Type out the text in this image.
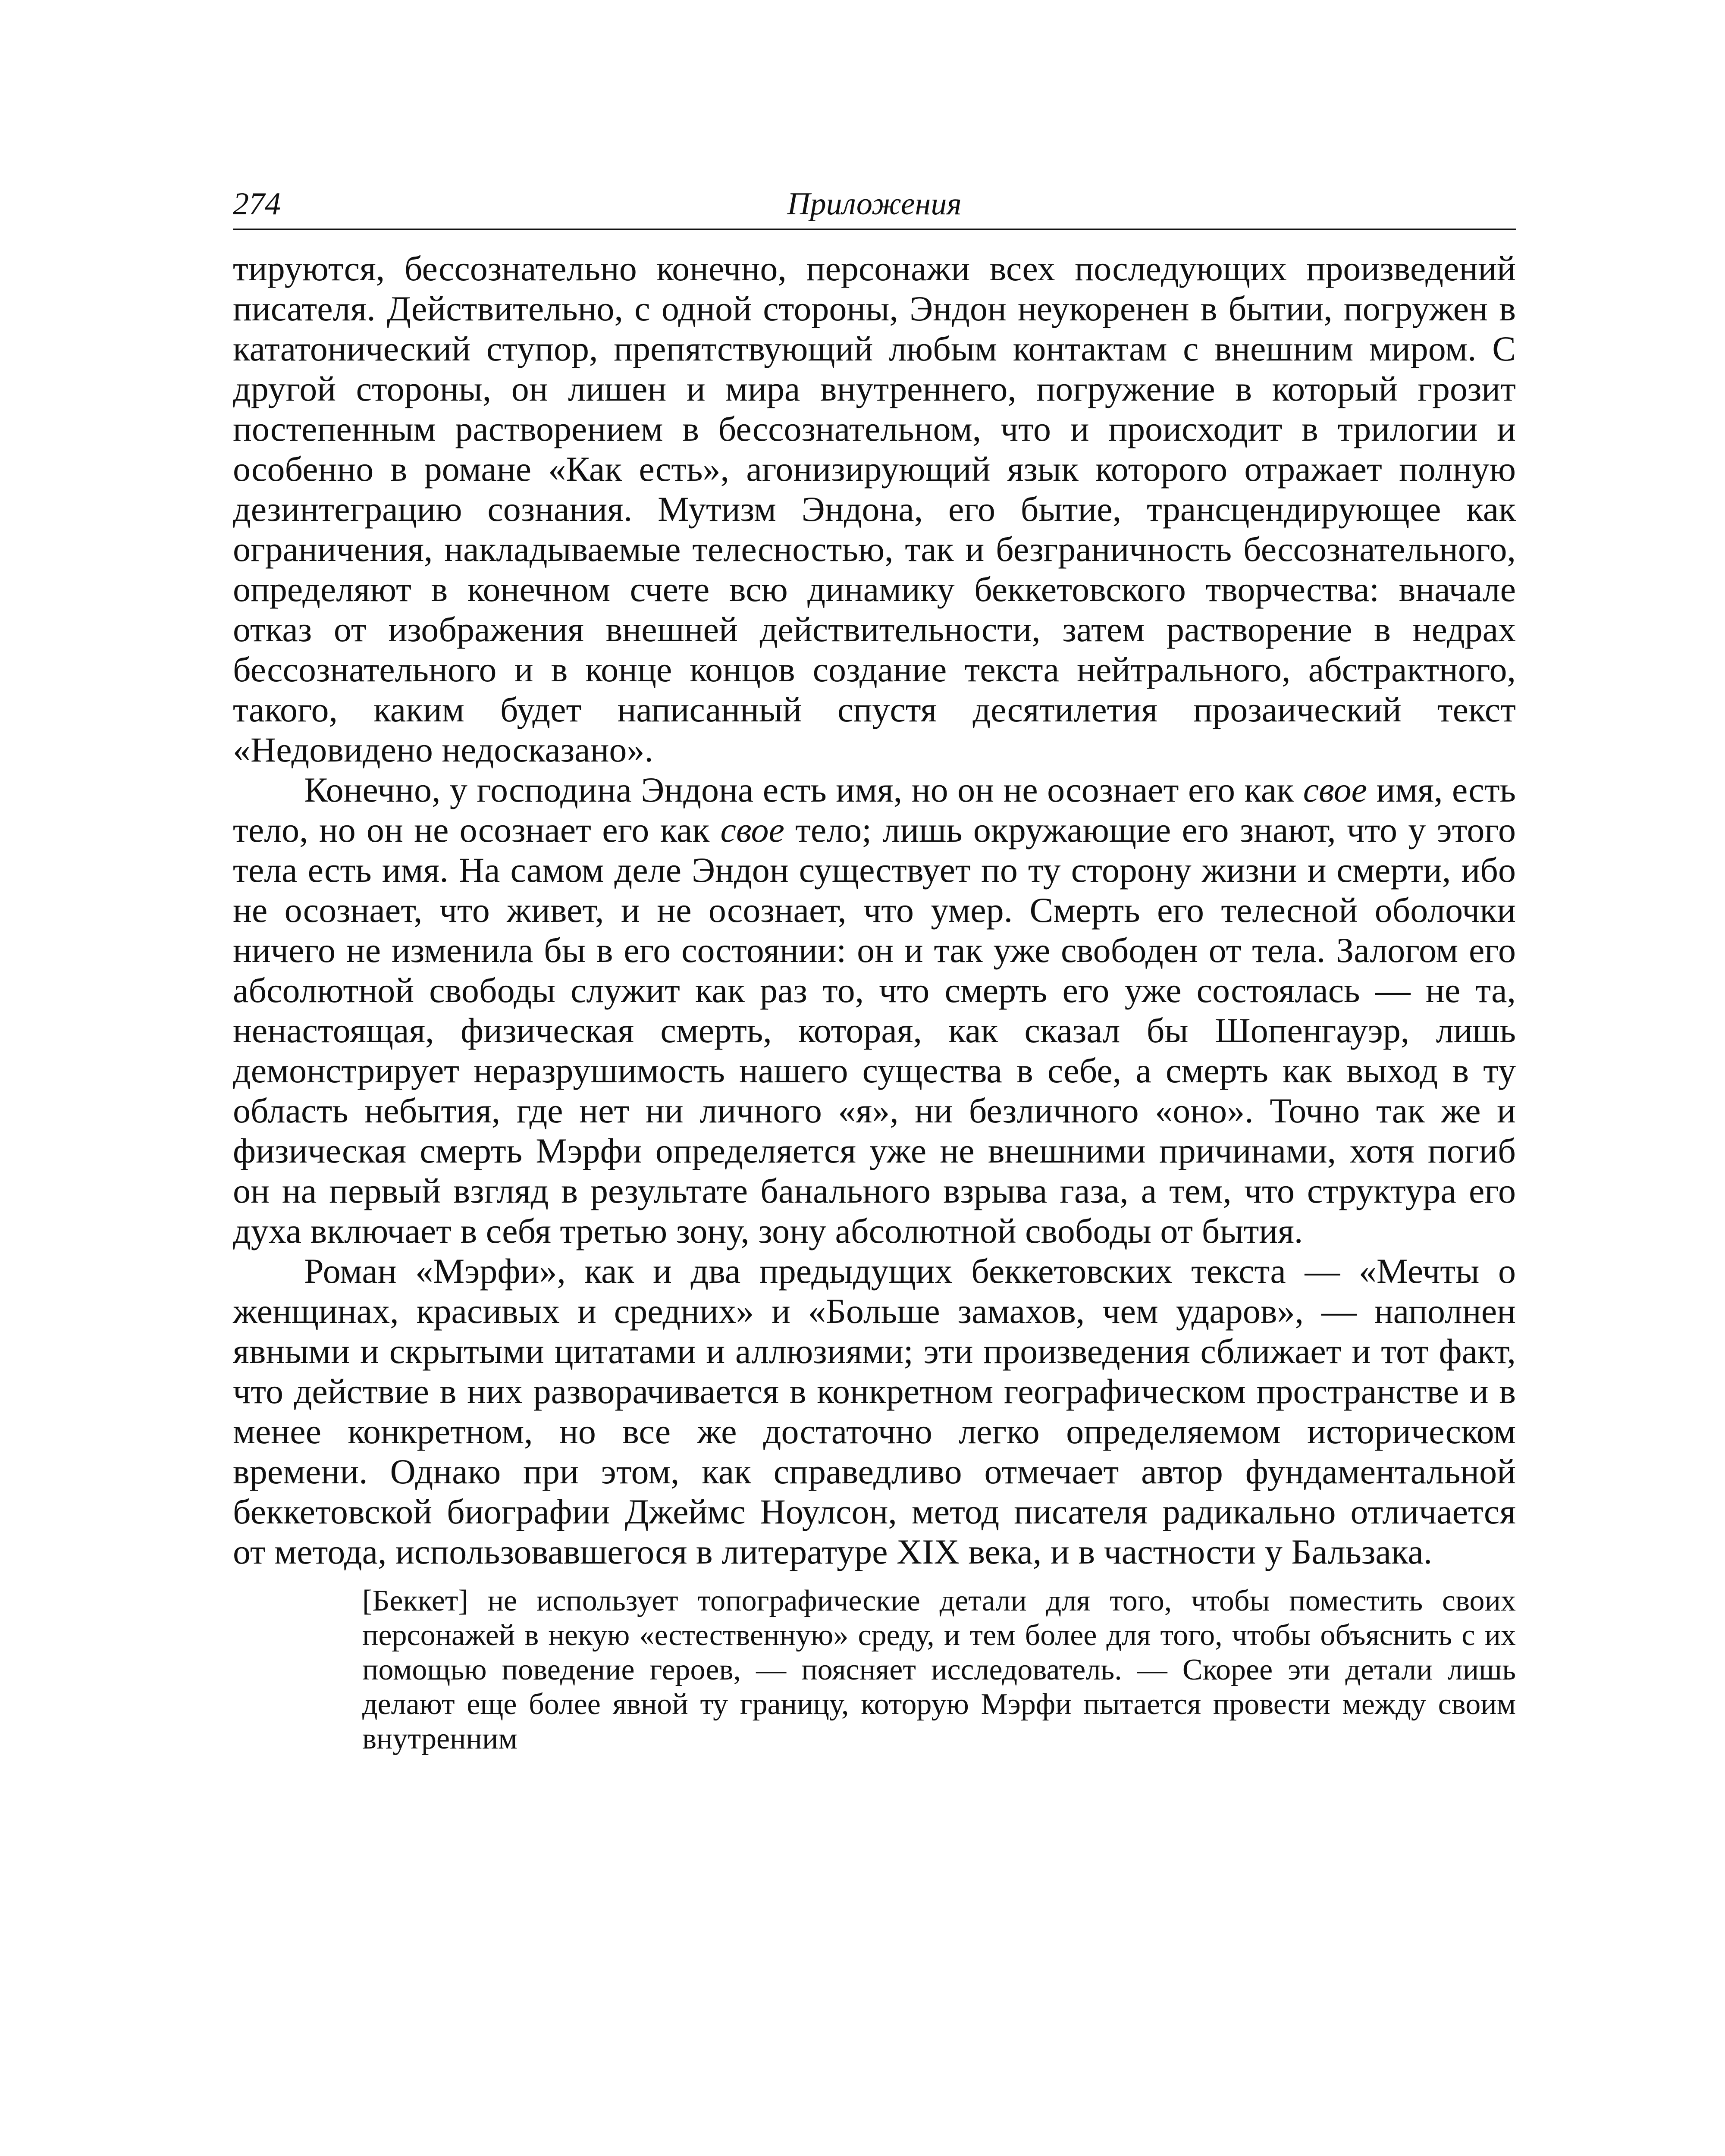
274	Приложения

тируются, бессознательно конечно, персонажи всех последующих произведений писателя. Действительно, с одной стороны, Эндон неукоренен в бытии, погружен в кататонический ступор, препятствующий любым контактам с внешним миром. С другой стороны, он лишен и мира внутреннего, погружение в который грозит постепенным растворением в бессознательном, что и происходит в трилогии и особенно в романе «Как есть», агонизирующий язык которого отражает полную дезинтеграцию сознания. Мутизм Эндона, его бытие, трансцендирующее как ограничения, накладываемые телесностью, так и безграничность бессознательного, определяют в конечном счете всю динамику беккетовского творчества: вначале отказ от изображения внешней действительности, затем растворение в недрах бессознательного и в конце концов создание текста нейтрального, абстрактного, такого, каким будет написанный спустя десятилетия прозаический текст «Недовидено недосказано».

Конечно, у господина Эндона есть имя, но он не осознает его как свое имя, есть тело, но он не осознает его как свое тело; лишь окружающие его знают, что у этого тела есть имя. На самом деле Эндон существует по ту сторону жизни и смерти, ибо не осознает, что живет, и не осознает, что умер. Смерть его телесной оболочки ничего не изменила бы в его состоянии: он и так уже свободен от тела. Залогом его абсолютной свободы служит как раз то, что смерть его уже состоялась — не та, ненастоящая, физическая смерть, которая, как сказал бы Шопенгауэр, лишь демонстрирует неразрушимость нашего существа в себе, а смерть как выход в ту область небытия, где нет ни личного «я», ни безличного «оно». Точно так же и физическая смерть Мэрфи определяется уже не внешними причинами, хотя погиб он на первый взгляд в результате банального взрыва газа, а тем, что структура его духа включает в себя третью зону, зону абсолютной свободы от бытия.

Роман «Мэрфи», как и два предыдущих беккетовских текста — «Мечты о женщинах, красивых и средних» и «Больше замахов, чем ударов», — наполнен явными и скрытыми цитатами и аллюзиями; эти произведения сближает и тот факт, что действие в них разворачивается в конкретном географическом пространстве и в менее конкретном, но все же достаточно легко определяемом историческом времени. Однако при этом, как справедливо отмечает автор фундаментальной беккетовской биографии Джеймс Ноулсон, метод писателя радикально отличается от метода, использовавшегося в литературе XIX века, и в частности у Бальзака.

[Беккет] не использует топографические детали для того, чтобы поместить своих персонажей в некую «естественную» среду, и тем более для того, чтобы объяснить с их помощью поведение героев, — поясняет исследователь. — Скорее эти детали лишь делают еще более явной ту границу, которую Мэрфи пытается провести между своим внутренним
